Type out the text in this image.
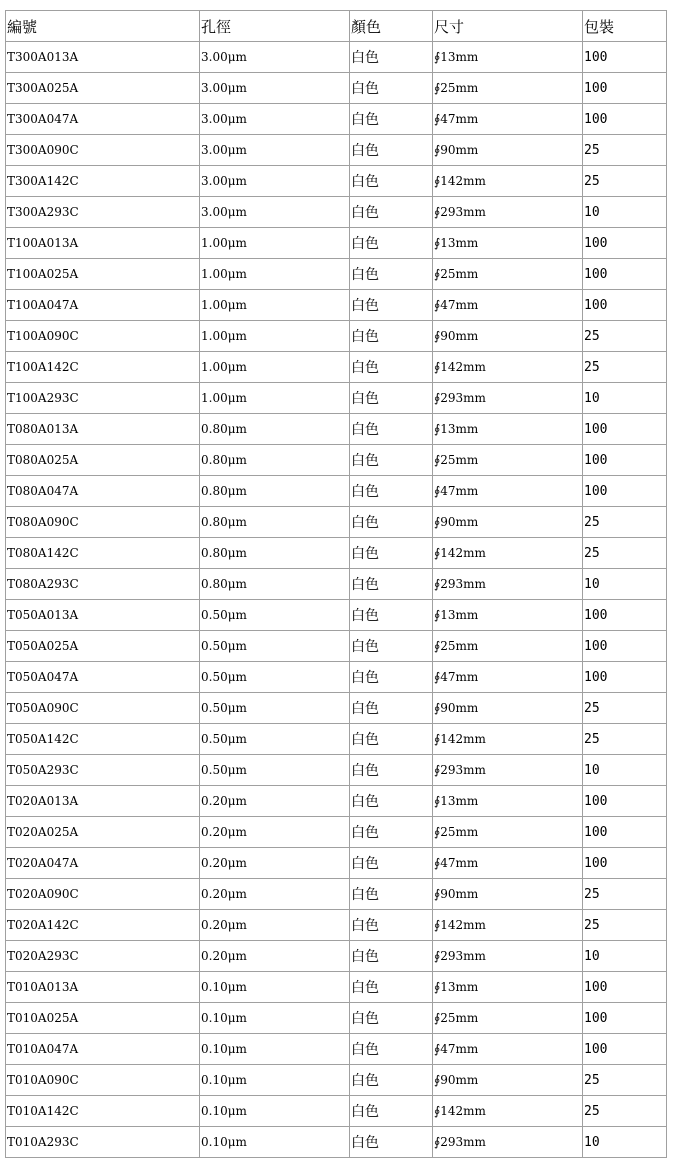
編號	孔徑	顏色	尺寸	包裝
T300A013A	3.00μm	白色	∮13mm	100
T300A025A	3.00μm	白色	∮25mm	100
T300A047A	3.00μm	白色	∮47mm	100
T300A090C	3.00μm	白色	∮90mm	25
T300A142C	3.00μm	白色	∮142mm	25
T300A293C	3.00μm	白色	∮293mm	10
T100A013A	1.00μm	白色	∮13mm	100
T100A025A	1.00μm	白色	∮25mm	100
T100A047A	1.00μm	白色	∮47mm	100
T100A090C	1.00μm	白色	∮90mm	25
T100A142C	1.00μm	白色	∮142mm	25
T100A293C	1.00μm	白色	∮293mm	10
T080A013A	0.80μm	白色	∮13mm	100
T080A025A	0.80μm	白色	∮25mm	100
T080A047A	0.80μm	白色	∮47mm	100
T080A090C	0.80μm	白色	∮90mm	25
T080A142C	0.80μm	白色	∮142mm	25
T080A293C	0.80μm	白色	∮293mm	10
T050A013A	0.50μm	白色	∮13mm	100
T050A025A	0.50μm	白色	∮25mm	100
T050A047A	0.50μm	白色	∮47mm	100
T050A090C	0.50μm	白色	∮90mm	25
T050A142C	0.50μm	白色	∮142mm	25
T050A293C	0.50μm	白色	∮293mm	10
T020A013A	0.20μm	白色	∮13mm	100
T020A025A	0.20μm	白色	∮25mm	100
T020A047A	0.20μm	白色	∮47mm	100
T020A090C	0.20μm	白色	∮90mm	25
T020A142C	0.20μm	白色	∮142mm	25
T020A293C	0.20μm	白色	∮293mm	10
T010A013A	0.10μm	白色	∮13mm	100
T010A025A	0.10μm	白色	∮25mm	100
T010A047A	0.10μm	白色	∮47mm	100
T010A090C	0.10μm	白色	∮90mm	25
T010A142C	0.10μm	白色	∮142mm	25
T010A293C	0.10μm	白色	∮293mm	10
